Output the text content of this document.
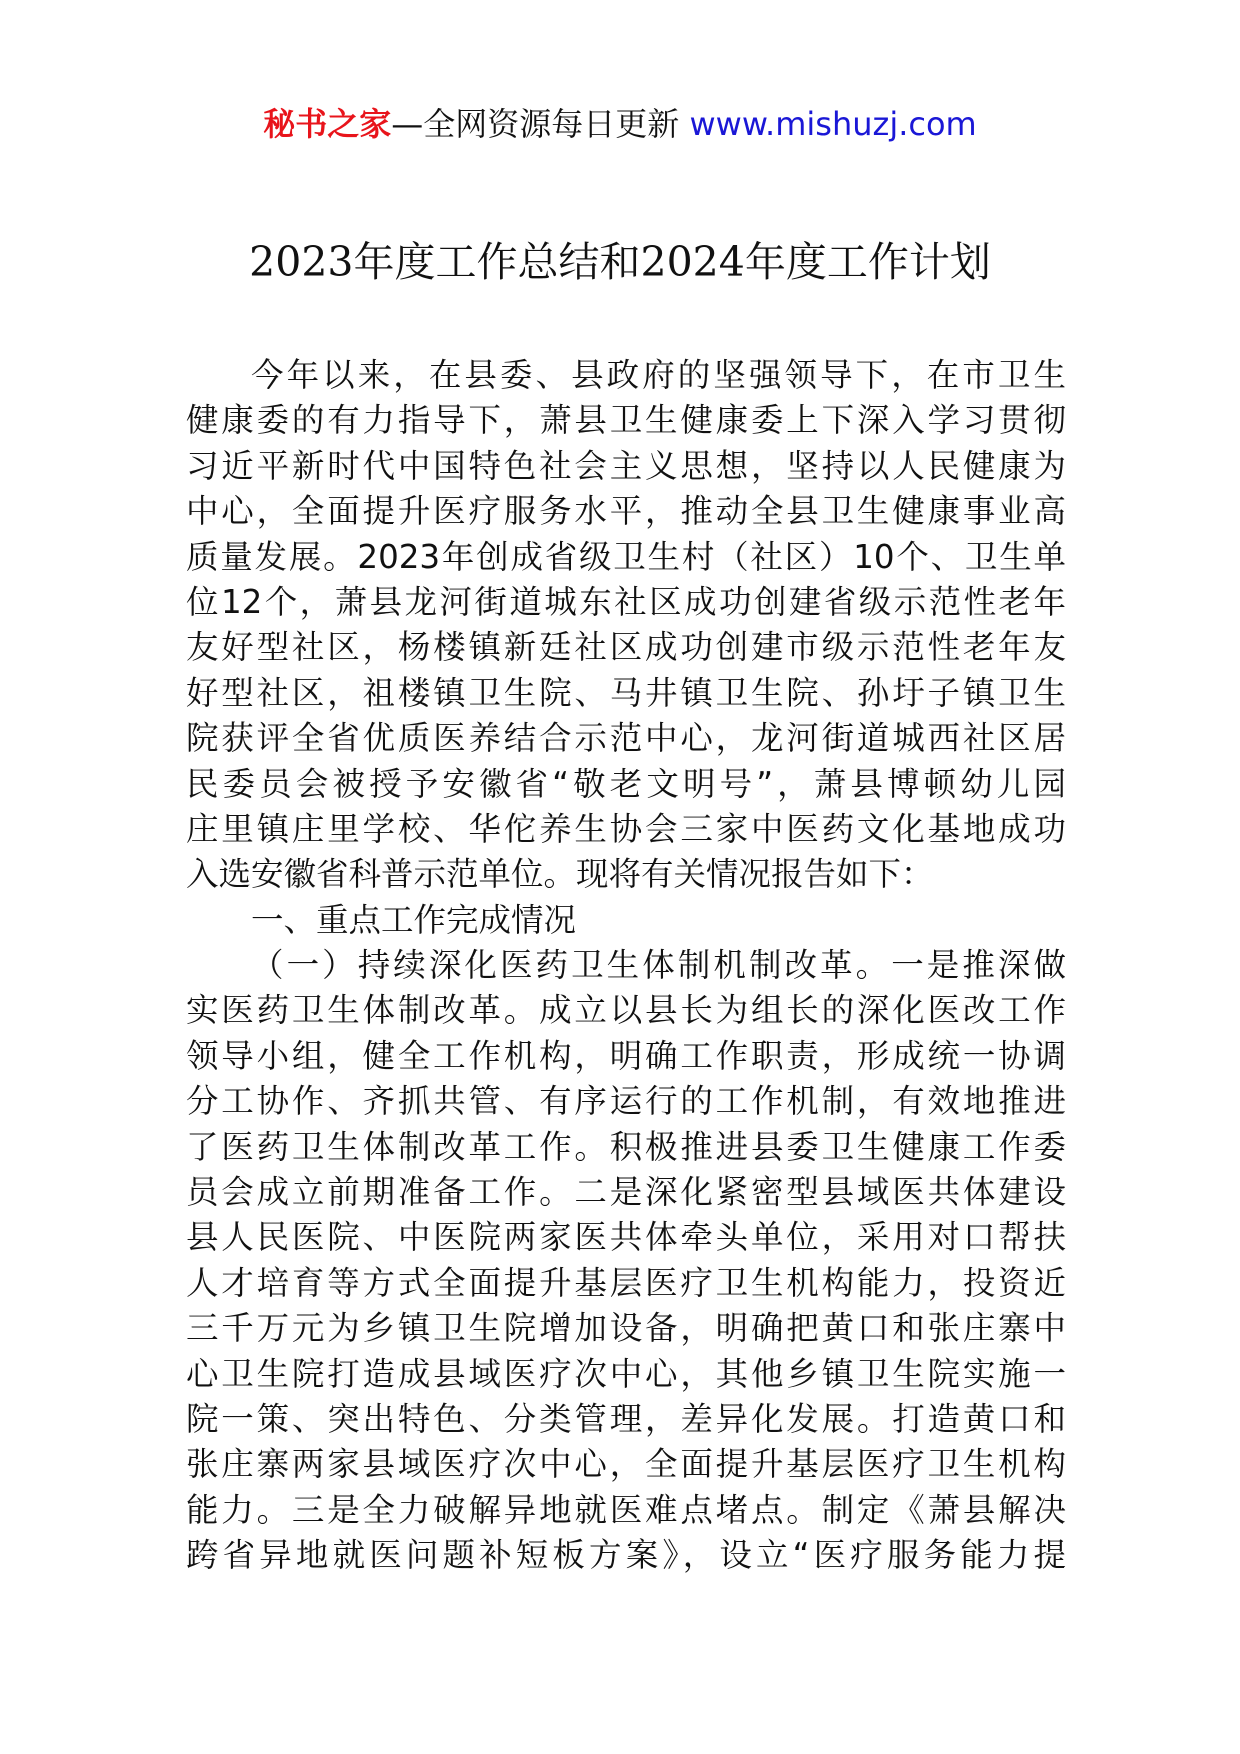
秘书之家—全网资源每日更新 www.mishuzj.com
2023年度工作总结和2024年度工作计划
今年以来，在县委、县政府的坚强领导下，在市卫生
健康委的有力指导下，萧县卫生健康委上下深入学习贯彻
习近平新时代中国特色社会主义思想，坚持以人民健康为
中心，全面提升医疗服务水平，推动全县卫生健康事业高
质量发展。2023年创成省级卫生村（社区）10个、卫生单
位12个，萧县龙河街道城东社区成功创建省级示范性老年
友好型社区，杨楼镇新廷社区成功创建市级示范性老年友
好型社区，祖楼镇卫生院、马井镇卫生院、孙圩子镇卫生
院获评全省优质医养结合示范中心，龙河街道城西社区居
民委员会被授予安徽省“敬老文明号”，萧县博顿幼儿园
庄里镇庄里学校、华佗养生协会三家中医药文化基地成功
入选安徽省科普示范单位。现将有关情况报告如下：
一、重点工作完成情况
（一）持续深化医药卫生体制机制改革。一是推深做
实医药卫生体制改革。成立以县长为组长的深化医改工作
领导小组，健全工作机构，明确工作职责，形成统一协调
分工协作、齐抓共管、有序运行的工作机制，有效地推进
了医药卫生体制改革工作。积极推进县委卫生健康工作委
员会成立前期准备工作。二是深化紧密型县域医共体建设
县人民医院、中医院两家医共体牵头单位，采用对口帮扶
人才培育等方式全面提升基层医疗卫生机构能力，投资近
三千万元为乡镇卫生院增加设备，明确把黄口和张庄寨中
心卫生院打造成县域医疗次中心，其他乡镇卫生院实施一
院一策、突出特色、分类管理，差异化发展。打造黄口和
张庄寨两家县域医疗次中心，全面提升基层医疗卫生机构
能力。三是全力破解异地就医难点堵点。制定《萧县解决
跨省异地就医问题补短板方案》，设立“医疗服务能力提
